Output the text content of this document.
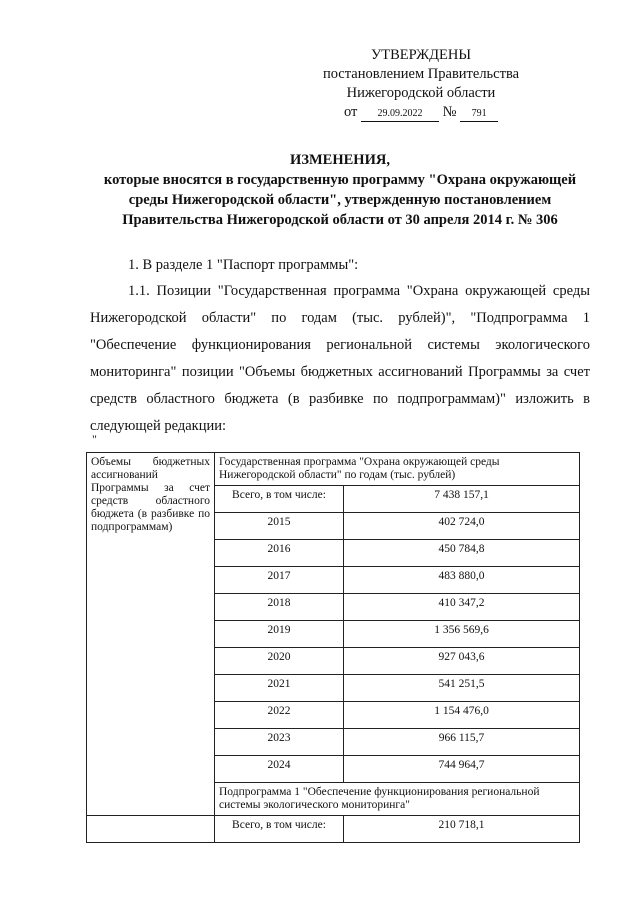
УТВЕРЖДЕНЫ
постановлением Правительства
Нижегородской области
от 29.09.2022 № 791
ИЗМЕНЕНИЯ,
которые вносятся в государственную программу "Охрана окружающей среды Нижегородской области", утвержденную постановлением Правительства Нижегородской области от 30 апреля 2014 г. № 306
1. В разделе 1 "Паспорт программы":
1.1. Позиции "Государственная программа "Охрана окружающей среды Нижегородской области" по годам (тыс. рублей)", "Подпрограмма 1 "Обеспечение функционирования региональной системы экологического мониторинга" позиции "Объемы бюджетных ассигнований Программы за счет средств областного бюджета (в разбивке по подпрограммам)" изложить в следующей редакции:
"
Объемы бюджетных ассигнований Программы за счет средств областного бюджета (в разбивке по подпрограммам)	Государственная программа "Охрана окружающей среды Нижегородской области" по годам (тыс. рублей)	
	Всего, в том числе:	7 438 157,1
	2015	402 724,0
	2016	450 784,8
	2017	483 880,0
	2018	410 347,2
	2019	1 356 569,6
	2020	927 043,6
	2021	541 251,5
	2022	1 154 476,0
	2023	966 115,7
	2024	744 964,7
	Подпрограмма 1 "Обеспечение функционирования региональной системы экологического мониторинга"	
	Всего, в том числе:	210 718,1
